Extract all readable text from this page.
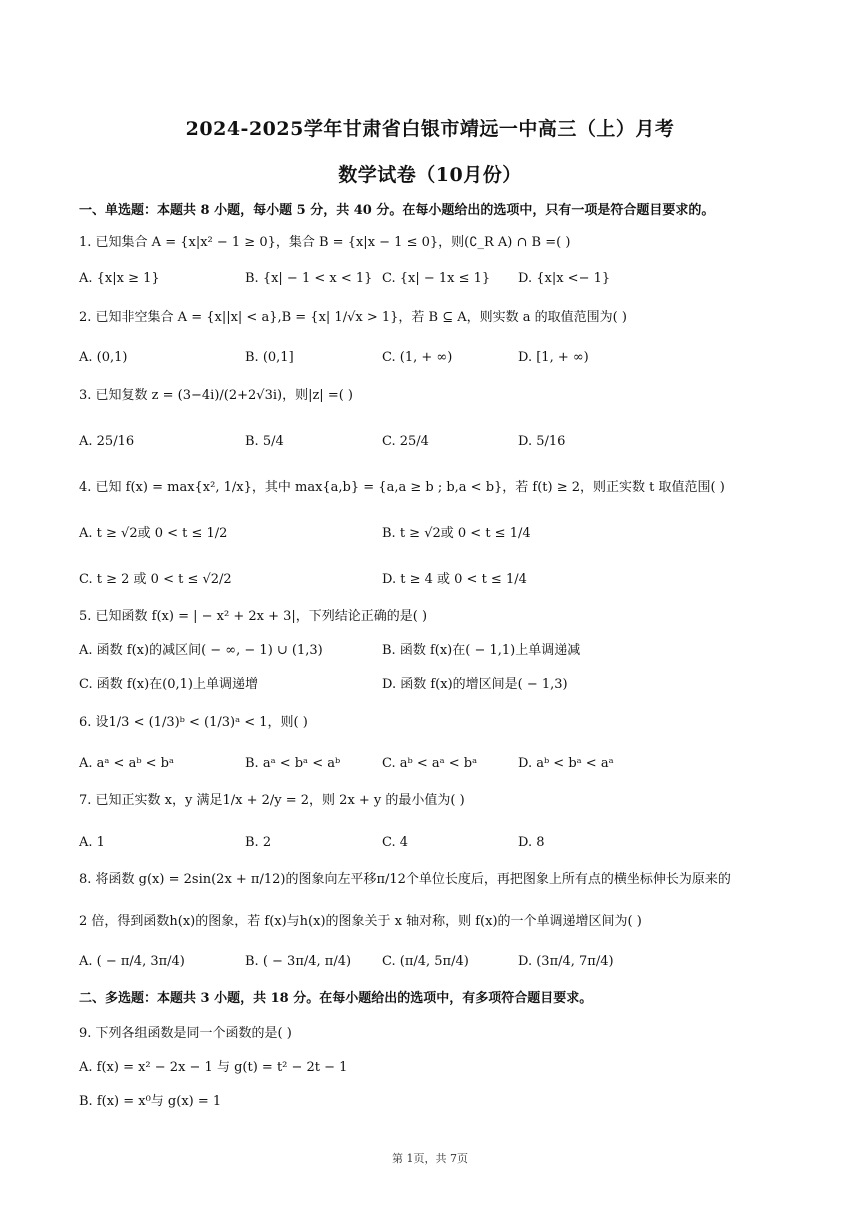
2024-2025学年甘肃省白银市靖远一中高三（上）月考
数学试卷（10月份）
一、单选题：本题共 8 小题，每小题 5 分，共 40 分。在每小题给出的选项中，只有一项是符合题目要求的。
1. 已知集合 A = {x|x² − 1 ≥ 0}，集合 B = {x|x − 1 ≤ 0}，则(∁_R A) ∩ B =( )
A. {x|x ≥ 1}	B. {x| − 1 < x < 1} C. {x| − 1x ≤ 1} D. {x|x <− 1}
2. 已知非空集合 A = {x||x| < a},B = {x| 1/√x > 1}，若 B ⊆ A，则实数 a 的取值范围为( )
A. (0,1)	B. (0,1]	C. (1, + ∞)	D. [1, + ∞)
3. 已知复数 z = (3−4i)/(2+2√3i)，则|z| =( )
A. 25/16	B. 5/4	C. 25/4	D. 5/16
4. 已知 f(x) = max{x², 1/x}，其中 max{a,b} = {a,a ≥ b ; b,a < b}，若 f(t) ≥ 2，则正实数 t 取值范围( )
A. t ≥ √2或 0 < t ≤ 1/2	B. t ≥ √2或 0 < t ≤ 1/4
C. t ≥ 2 或 0 < t ≤ √2/2	D. t ≥ 4 或 0 < t ≤ 1/4
5. 已知函数 f(x) = | − x² + 2x + 3|，下列结论正确的是( )
A. 函数 f(x)的减区间( − ∞, − 1) ∪ (1,3)	B. 函数 f(x)在( − 1,1)上单调递减
C. 函数 f(x)在(0,1)上单调递增	D. 函数 f(x)的增区间是( − 1,3)
6. 设1/3 < (1/3)ᵇ < (1/3)ᵃ < 1，则( )
A. aᵃ < aᵇ < bᵃ	B. aᵃ < bᵃ < aᵇ	C. aᵇ < aᵃ < bᵃ	D. aᵇ < bᵃ < aᵃ
7. 已知正实数 x，y 满足1/x + 2/y = 2，则 2x + y 的最小值为( )
A. 1	B. 2	C. 4	D. 8
8. 将函数 g(x) = 2sin(2x + π/12)的图象向左平移π/12个单位长度后，再把图象上所有点的横坐标伸长为原来的
2 倍，得到函数h(x)的图象，若 f(x)与h(x)的图象关于 x 轴对称，则 f(x)的一个单调递增区间为( )
A. ( − π/4, 3π/4)	B. ( − 3π/4, π/4) C. (π/4, 5π/4)	D. (3π/4, 7π/4)
二、多选题：本题共 3 小题，共 18 分。在每小题给出的选项中，有多项符合题目要求。
9. 下列各组函数是同一个函数的是( )
A. f(x) = x² − 2x − 1 与 g(t) = t² − 2t − 1
B. f(x) = x⁰与 g(x) = 1
第 1页，共 7页
